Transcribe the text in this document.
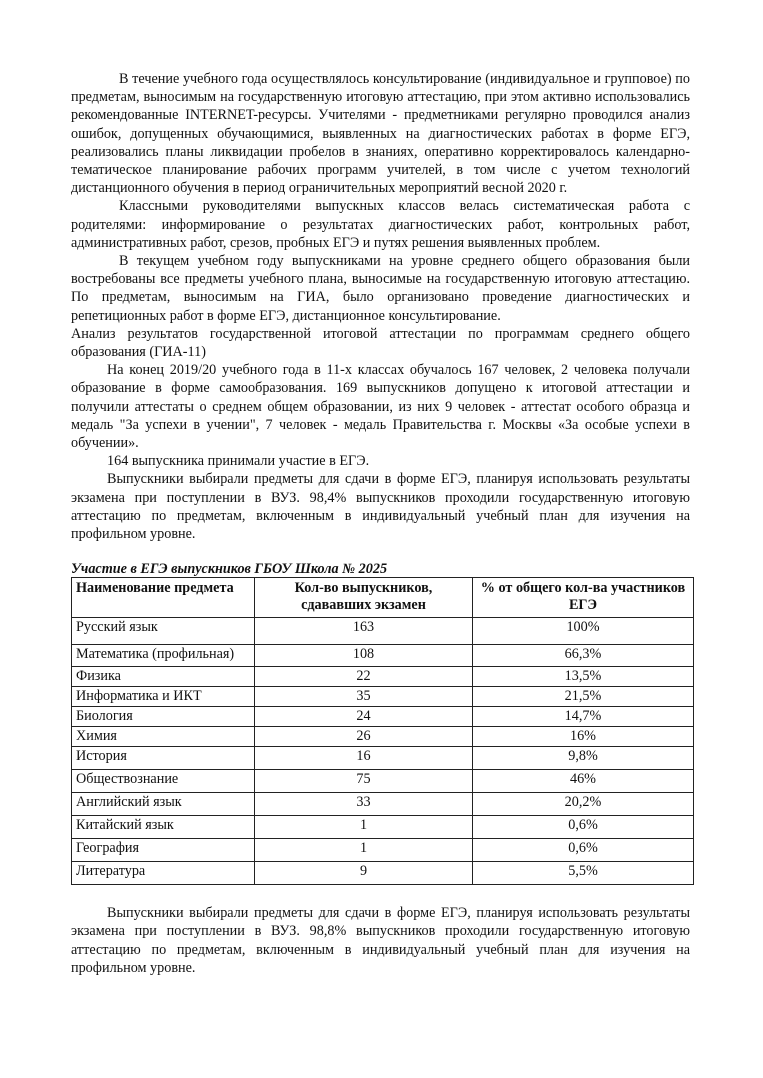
В течение учебного года осуществлялось консультирование (индивидуальное и групповое) по предметам, выносимым на государственную итоговую аттестацию, при этом активно использовались рекомендованные INTERNET-ресурсы. Учителями - предметниками регулярно проводился анализ ошибок, допущенных обучающимися, выявленных на диагностических работах в форме ЕГЭ, реализовались планы ликвидации пробелов в знаниях, оперативно корректировалось календарно-тематическое планирование рабочих программ учителей, в том числе с учетом технологий дистанционного обучения в период ограничительных мероприятий весной 2020 г.

Классными руководителями выпускных классов велась систематическая работа с родителями: информирование о результатах диагностических работ, контрольных работ, административных работ, срезов, пробных ЕГЭ и путях решения выявленных проблем.

В текущем учебном году выпускниками на уровне среднего общего образования были востребованы все предметы учебного плана, выносимые на государственную итоговую аттестацию. По предметам, выносимым на ГИА, было организовано проведение диагностических и репетиционных работ в форме ЕГЭ, дистанционное консультирование.

Анализ результатов государственной итоговой аттестации по программам среднего общего образования (ГИА-11)

На конец 2019/20 учебного года в 11-х классах обучалось 167 человек, 2 человека получали образование в форме самообразования. 169 выпускников допущено к итоговой аттестации и получили аттестаты о среднем общем образовании, из них 9 человек - аттестат особого образца и медаль "За успехи в учении", 7 человек - медаль Правительства г. Москвы «За особые успехи в обучении».

164 выпускника принимали участие в ЕГЭ.

Выпускники выбирали предметы для сдачи в форме ЕГЭ, планируя использовать результаты экзамена при поступлении в ВУЗ. 98,4% выпускников проходили государственную итоговую аттестацию по предметам, включенным в индивидуальный учебный план для изучения на профильном уровне.

Участие в ЕГЭ выпускников ГБОУ Школа № 2025

Наименование предмета	Кол-во выпускников, сдававших экзамен	% от общего кол-ва участников ЕГЭ
Русский язык	163	100%
Математика (профильная)	108	66,3%
Физика	22	13,5%
Информатика и ИКТ	35	21,5%
Биология	24	14,7%
Химия	26	16%
История	16	9,8%
Обществознание	75	46%
Английский язык	33	20,2%
Китайский язык	1	0,6%
География	1	0,6%
Литература	9	5,5%

Выпускники выбирали предметы для сдачи в форме ЕГЭ, планируя использовать результаты экзамена при поступлении в ВУЗ. 98,8% выпускников проходили государственную итоговую аттестацию по предметам, включенным в индивидуальный учебный план для изучения на профильном уровне.
